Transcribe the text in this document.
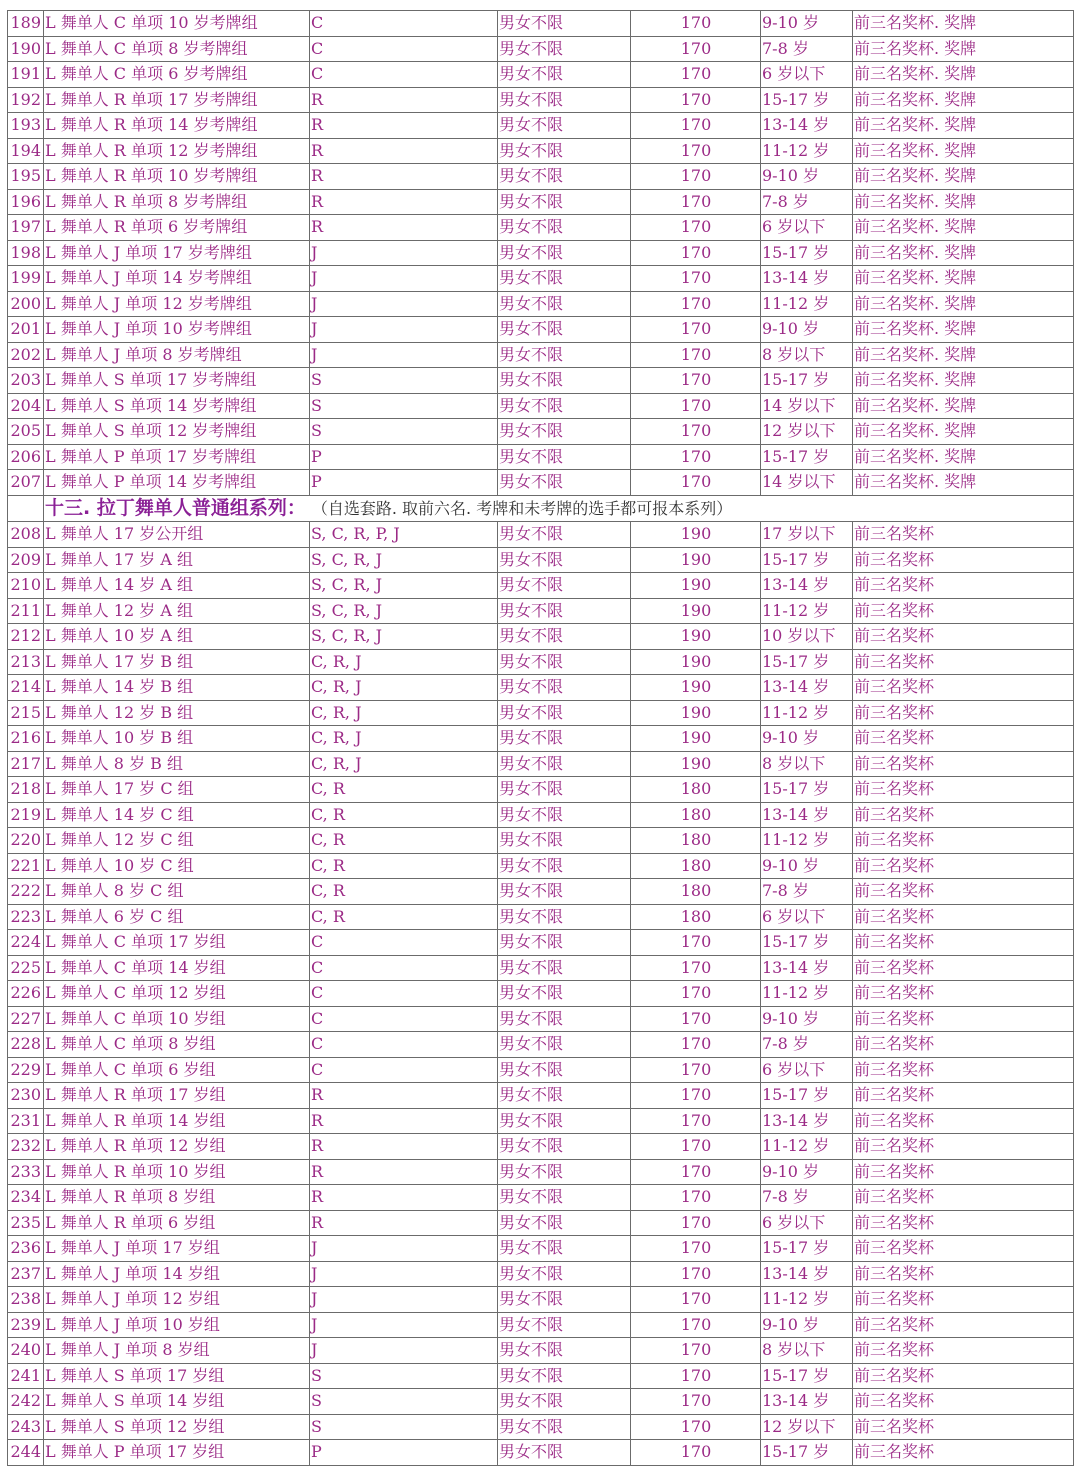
189	L 舞单人 C 单项 10 岁考牌组	C	男女不限	170	9-10 岁	前三名奖杯. 奖牌
190	L 舞单人 C 单项 8 岁考牌组	C	男女不限	170	7-8 岁	前三名奖杯. 奖牌
191	L 舞单人 C 单项 6 岁考牌组	C	男女不限	170	6 岁以下	前三名奖杯. 奖牌
192	L 舞单人 R 单项 17 岁考牌组	R	男女不限	170	15-17 岁	前三名奖杯. 奖牌
193	L 舞单人 R 单项 14 岁考牌组	R	男女不限	170	13-14 岁	前三名奖杯. 奖牌
194	L 舞单人 R 单项 12 岁考牌组	R	男女不限	170	11-12 岁	前三名奖杯. 奖牌
195	L 舞单人 R 单项 10 岁考牌组	R	男女不限	170	9-10 岁	前三名奖杯. 奖牌
196	L 舞单人 R 单项 8 岁考牌组	R	男女不限	170	7-8 岁	前三名奖杯. 奖牌
197	L 舞单人 R 单项 6 岁考牌组	R	男女不限	170	6 岁以下	前三名奖杯. 奖牌
198	L 舞单人 J 单项 17 岁考牌组	J	男女不限	170	15-17 岁	前三名奖杯. 奖牌
199	L 舞单人 J 单项 14 岁考牌组	J	男女不限	170	13-14 岁	前三名奖杯. 奖牌
200	L 舞单人 J 单项 12 岁考牌组	J	男女不限	170	11-12 岁	前三名奖杯. 奖牌
201	L 舞单人 J 单项 10 岁考牌组	J	男女不限	170	9-10 岁	前三名奖杯. 奖牌
202	L 舞单人 J 单项 8 岁考牌组	J	男女不限	170	8 岁以下	前三名奖杯. 奖牌
203	L 舞单人 S 单项 17 岁考牌组	S	男女不限	170	15-17 岁	前三名奖杯. 奖牌
204	L 舞单人 S 单项 14 岁考牌组	S	男女不限	170	14 岁以下	前三名奖杯. 奖牌
205	L 舞单人 S 单项 12 岁考牌组	S	男女不限	170	12 岁以下	前三名奖杯. 奖牌
206	L 舞单人 P 单项 17 岁考牌组	P	男女不限	170	15-17 岁	前三名奖杯. 奖牌
207	L 舞单人 P 单项 14 岁考牌组	P	男女不限	170	14 岁以下	前三名奖杯. 奖牌
	十三. 拉丁舞单人普通组系列： （自选套路. 取前六名. 考牌和未考牌的选手都可报本系列）					
208	L 舞单人 17 岁公开组	S, C, R, P, J	男女不限	190	17 岁以下	前三名奖杯
209	L 舞单人 17 岁 A 组	S, C, R, J	男女不限	190	15-17 岁	前三名奖杯
210	L 舞单人 14 岁 A 组	S, C, R, J	男女不限	190	13-14 岁	前三名奖杯
211	L 舞单人 12 岁 A 组	S, C, R, J	男女不限	190	11-12 岁	前三名奖杯
212	L 舞单人 10 岁 A 组	S, C, R, J	男女不限	190	10 岁以下	前三名奖杯
213	L 舞单人 17 岁 B 组	C, R, J	男女不限	190	15-17 岁	前三名奖杯
214	L 舞单人 14 岁 B 组	C, R, J	男女不限	190	13-14 岁	前三名奖杯
215	L 舞单人 12 岁 B 组	C, R, J	男女不限	190	11-12 岁	前三名奖杯
216	L 舞单人 10 岁 B 组	C, R, J	男女不限	190	9-10 岁	前三名奖杯
217	L 舞单人 8 岁 B 组	C, R, J	男女不限	190	8 岁以下	前三名奖杯
218	L 舞单人 17 岁 C 组	C, R	男女不限	180	15-17 岁	前三名奖杯
219	L 舞单人 14 岁 C 组	C, R	男女不限	180	13-14 岁	前三名奖杯
220	L 舞单人 12 岁 C 组	C, R	男女不限	180	11-12 岁	前三名奖杯
221	L 舞单人 10 岁 C 组	C, R	男女不限	180	9-10 岁	前三名奖杯
222	L 舞单人 8 岁 C 组	C, R	男女不限	180	7-8 岁	前三名奖杯
223	L 舞单人 6 岁 C 组	C, R	男女不限	180	6 岁以下	前三名奖杯
224	L 舞单人 C 单项 17 岁组	C	男女不限	170	15-17 岁	前三名奖杯
225	L 舞单人 C 单项 14 岁组	C	男女不限	170	13-14 岁	前三名奖杯
226	L 舞单人 C 单项 12 岁组	C	男女不限	170	11-12 岁	前三名奖杯
227	L 舞单人 C 单项 10 岁组	C	男女不限	170	9-10 岁	前三名奖杯
228	L 舞单人 C 单项 8 岁组	C	男女不限	170	7-8 岁	前三名奖杯
229	L 舞单人 C 单项 6 岁组	C	男女不限	170	6 岁以下	前三名奖杯
230	L 舞单人 R 单项 17 岁组	R	男女不限	170	15-17 岁	前三名奖杯
231	L 舞单人 R 单项 14 岁组	R	男女不限	170	13-14 岁	前三名奖杯
232	L 舞单人 R 单项 12 岁组	R	男女不限	170	11-12 岁	前三名奖杯
233	L 舞单人 R 单项 10 岁组	R	男女不限	170	9-10 岁	前三名奖杯
234	L 舞单人 R 单项 8 岁组	R	男女不限	170	7-8 岁	前三名奖杯
235	L 舞单人 R 单项 6 岁组	R	男女不限	170	6 岁以下	前三名奖杯
236	L 舞单人 J 单项 17 岁组	J	男女不限	170	15-17 岁	前三名奖杯
237	L 舞单人 J 单项 14 岁组	J	男女不限	170	13-14 岁	前三名奖杯
238	L 舞单人 J 单项 12 岁组	J	男女不限	170	11-12 岁	前三名奖杯
239	L 舞单人 J 单项 10 岁组	J	男女不限	170	9-10 岁	前三名奖杯
240	L 舞单人 J 单项 8 岁组	J	男女不限	170	8 岁以下	前三名奖杯
241	L 舞单人 S 单项 17 岁组	S	男女不限	170	15-17 岁	前三名奖杯
242	L 舞单人 S 单项 14 岁组	S	男女不限	170	13-14 岁	前三名奖杯
243	L 舞单人 S 单项 12 岁组	S	男女不限	170	12 岁以下	前三名奖杯
244	L 舞单人 P 单项 17 岁组	P	男女不限	170	15-17 岁	前三名奖杯
